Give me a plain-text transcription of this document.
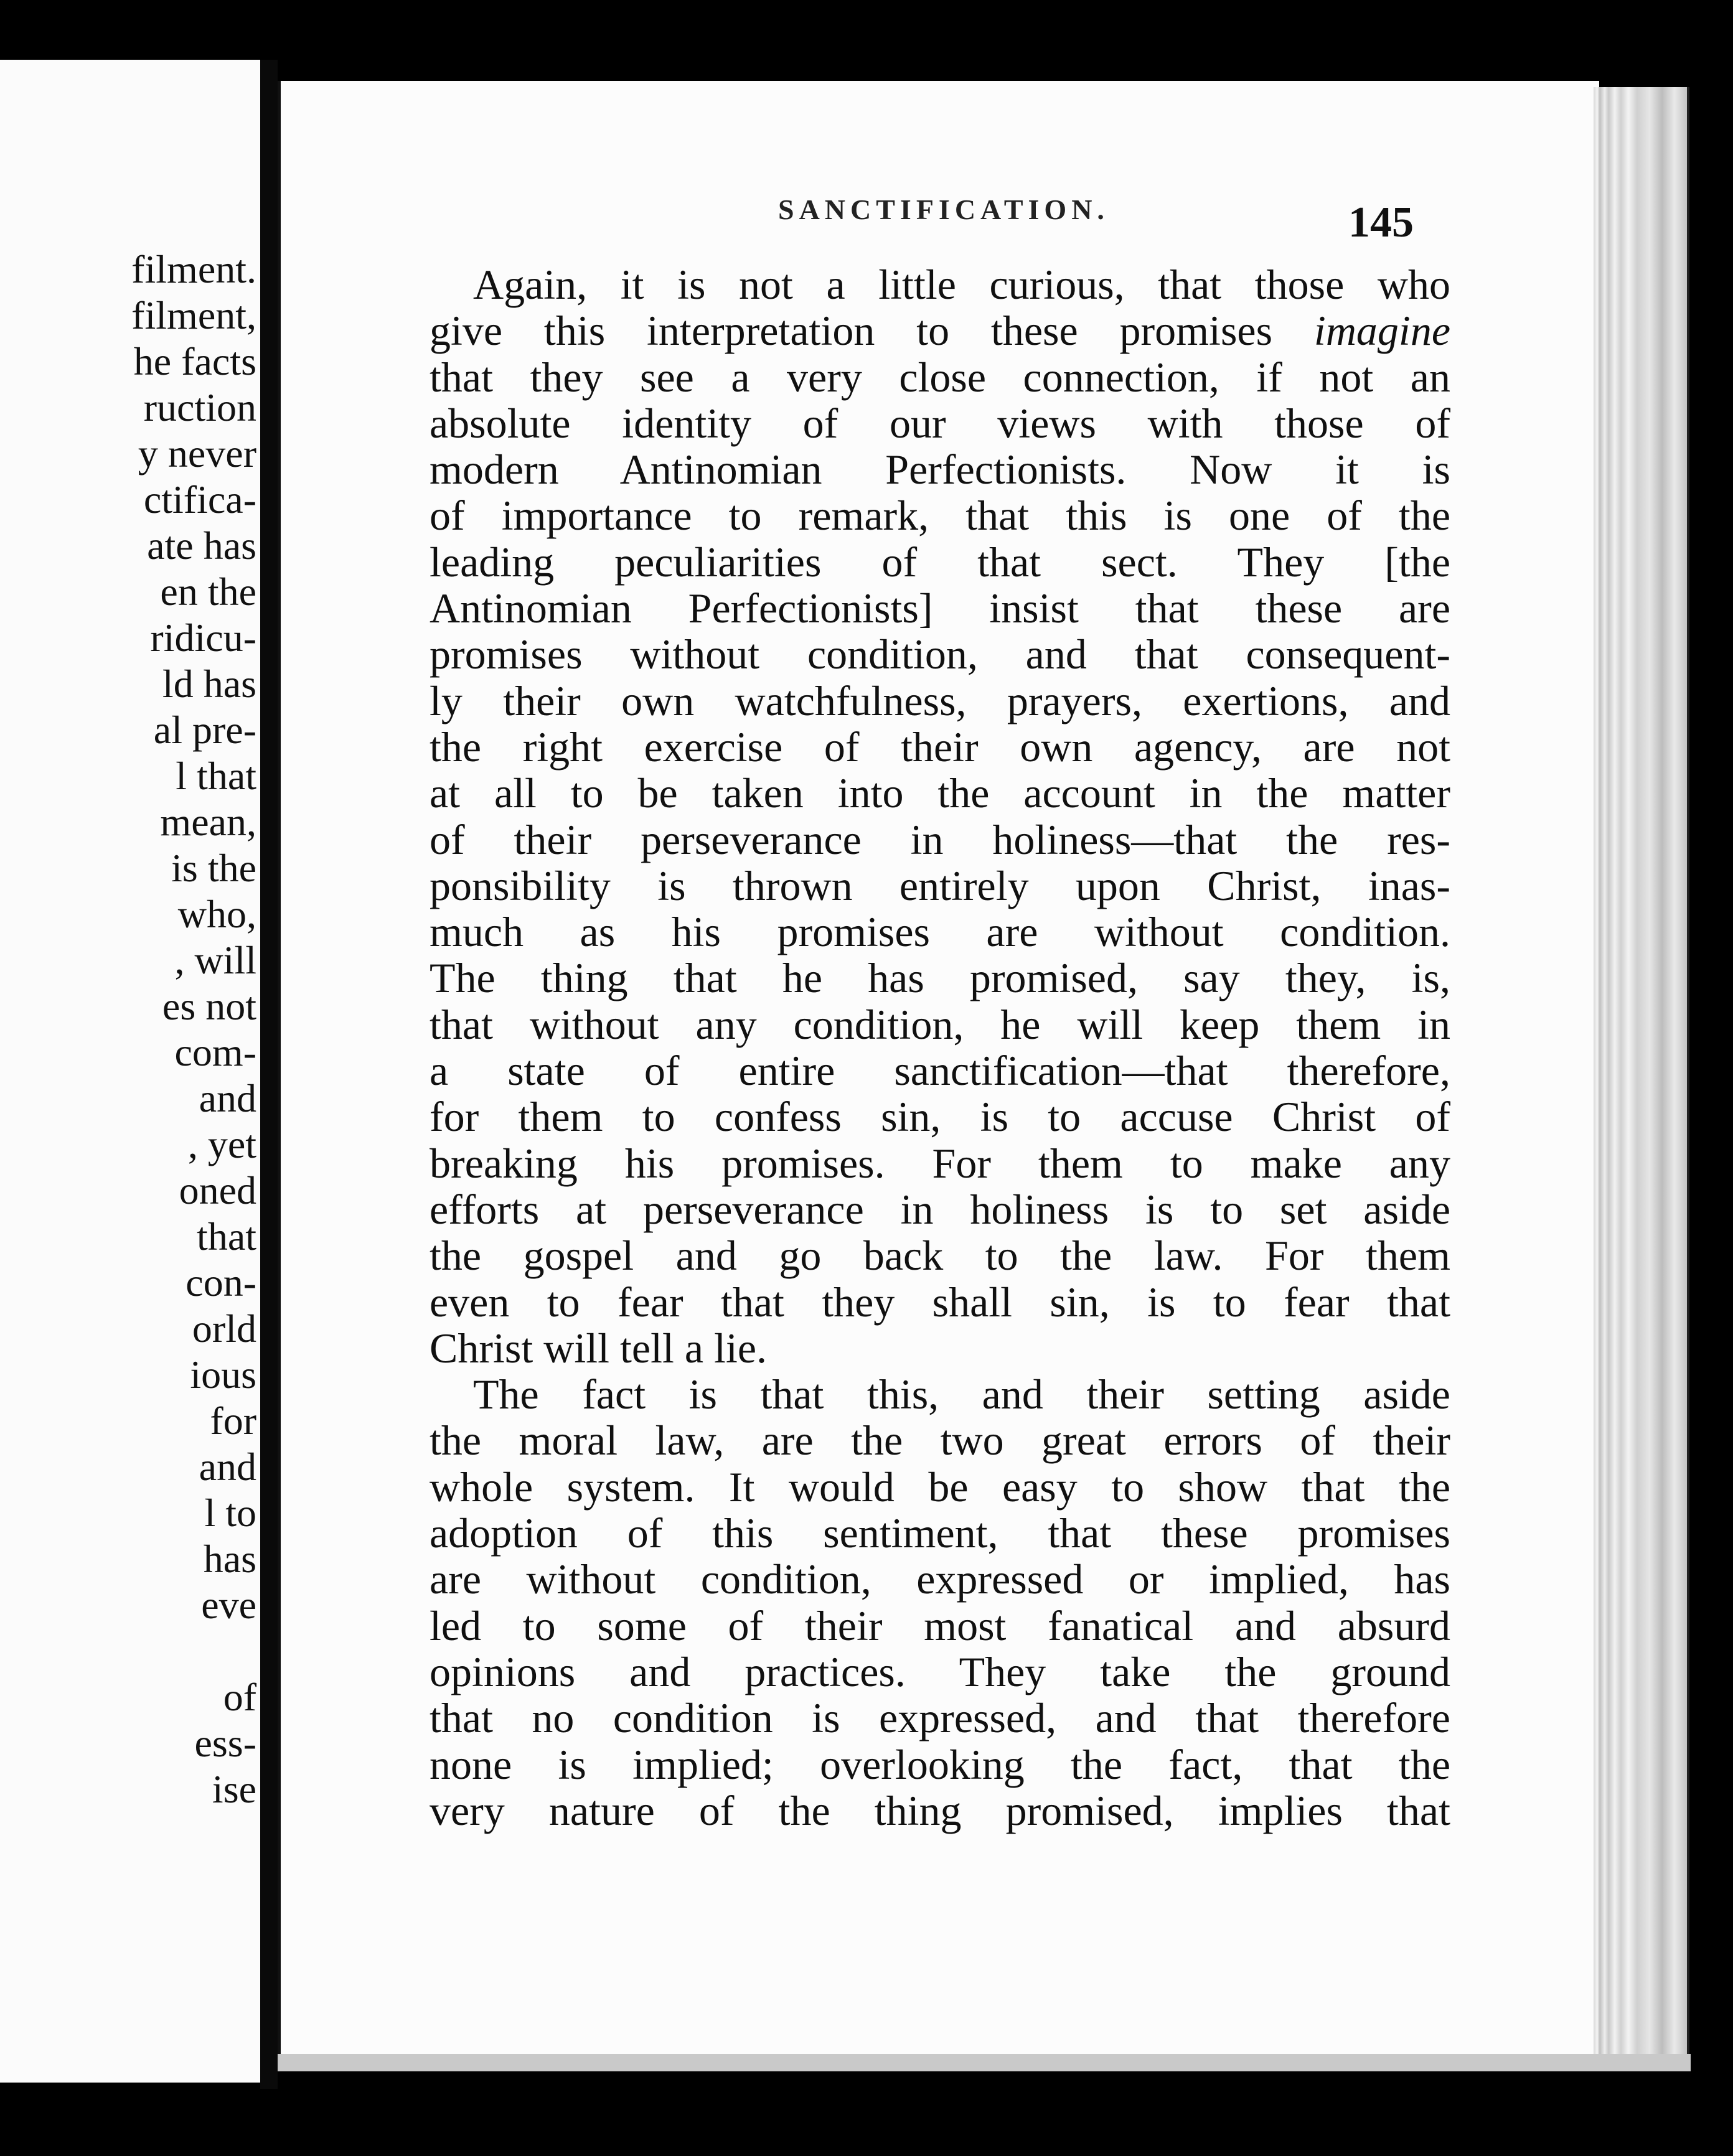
filment.
filment,
he facts
ruction
y never
ctifica-
ate has
en the
ridicu-
ld has
al pre-
l that
mean,
is the
who,
, will
es not
com-
and
, yet
oned
that
con-
orld
ious
for
and
l to
has
eve
of
ess-
ise
SANCTIFICATION.	145
Again, it is not a little curious, that those who
give this interpretation to these promises imagine
that they see a very close connection, if not an
absolute identity of our views with those of
modern Antinomian Perfectionists. Now it is
of importance to remark, that this is one of the
leading peculiarities of that sect. They [the
Antinomian Perfectionists] insist that these are
promises without condition, and that consequent-
ly their own watchfulness, prayers, exertions, and
the right exercise of their own agency, are not
at all to be taken into the account in the matter
of their perseverance in holiness—that the res-
ponsibility is thrown entirely upon Christ, inas-
much as his promises are without condition.
The thing that he has promised, say they, is,
that without any condition, he will keep them in
a state of entire sanctification—that therefore,
for them to confess sin, is to accuse Christ of
breaking his promises. For them to make any
efforts at perseverance in holiness is to set aside
the gospel and go back to the law. For them
even to fear that they shall sin, is to fear that
Christ will tell a lie.
The fact is that this, and their setting aside
the moral law, are the two great errors of their
whole system. It would be easy to show that the
adoption of this sentiment, that these promises
are without condition, expressed or implied, has
led to some of their most fanatical and absurd
opinions and practices. They take the ground
that no condition is expressed, and that therefore
none is implied; overlooking the fact, that the
very nature of the thing promised, implies that
